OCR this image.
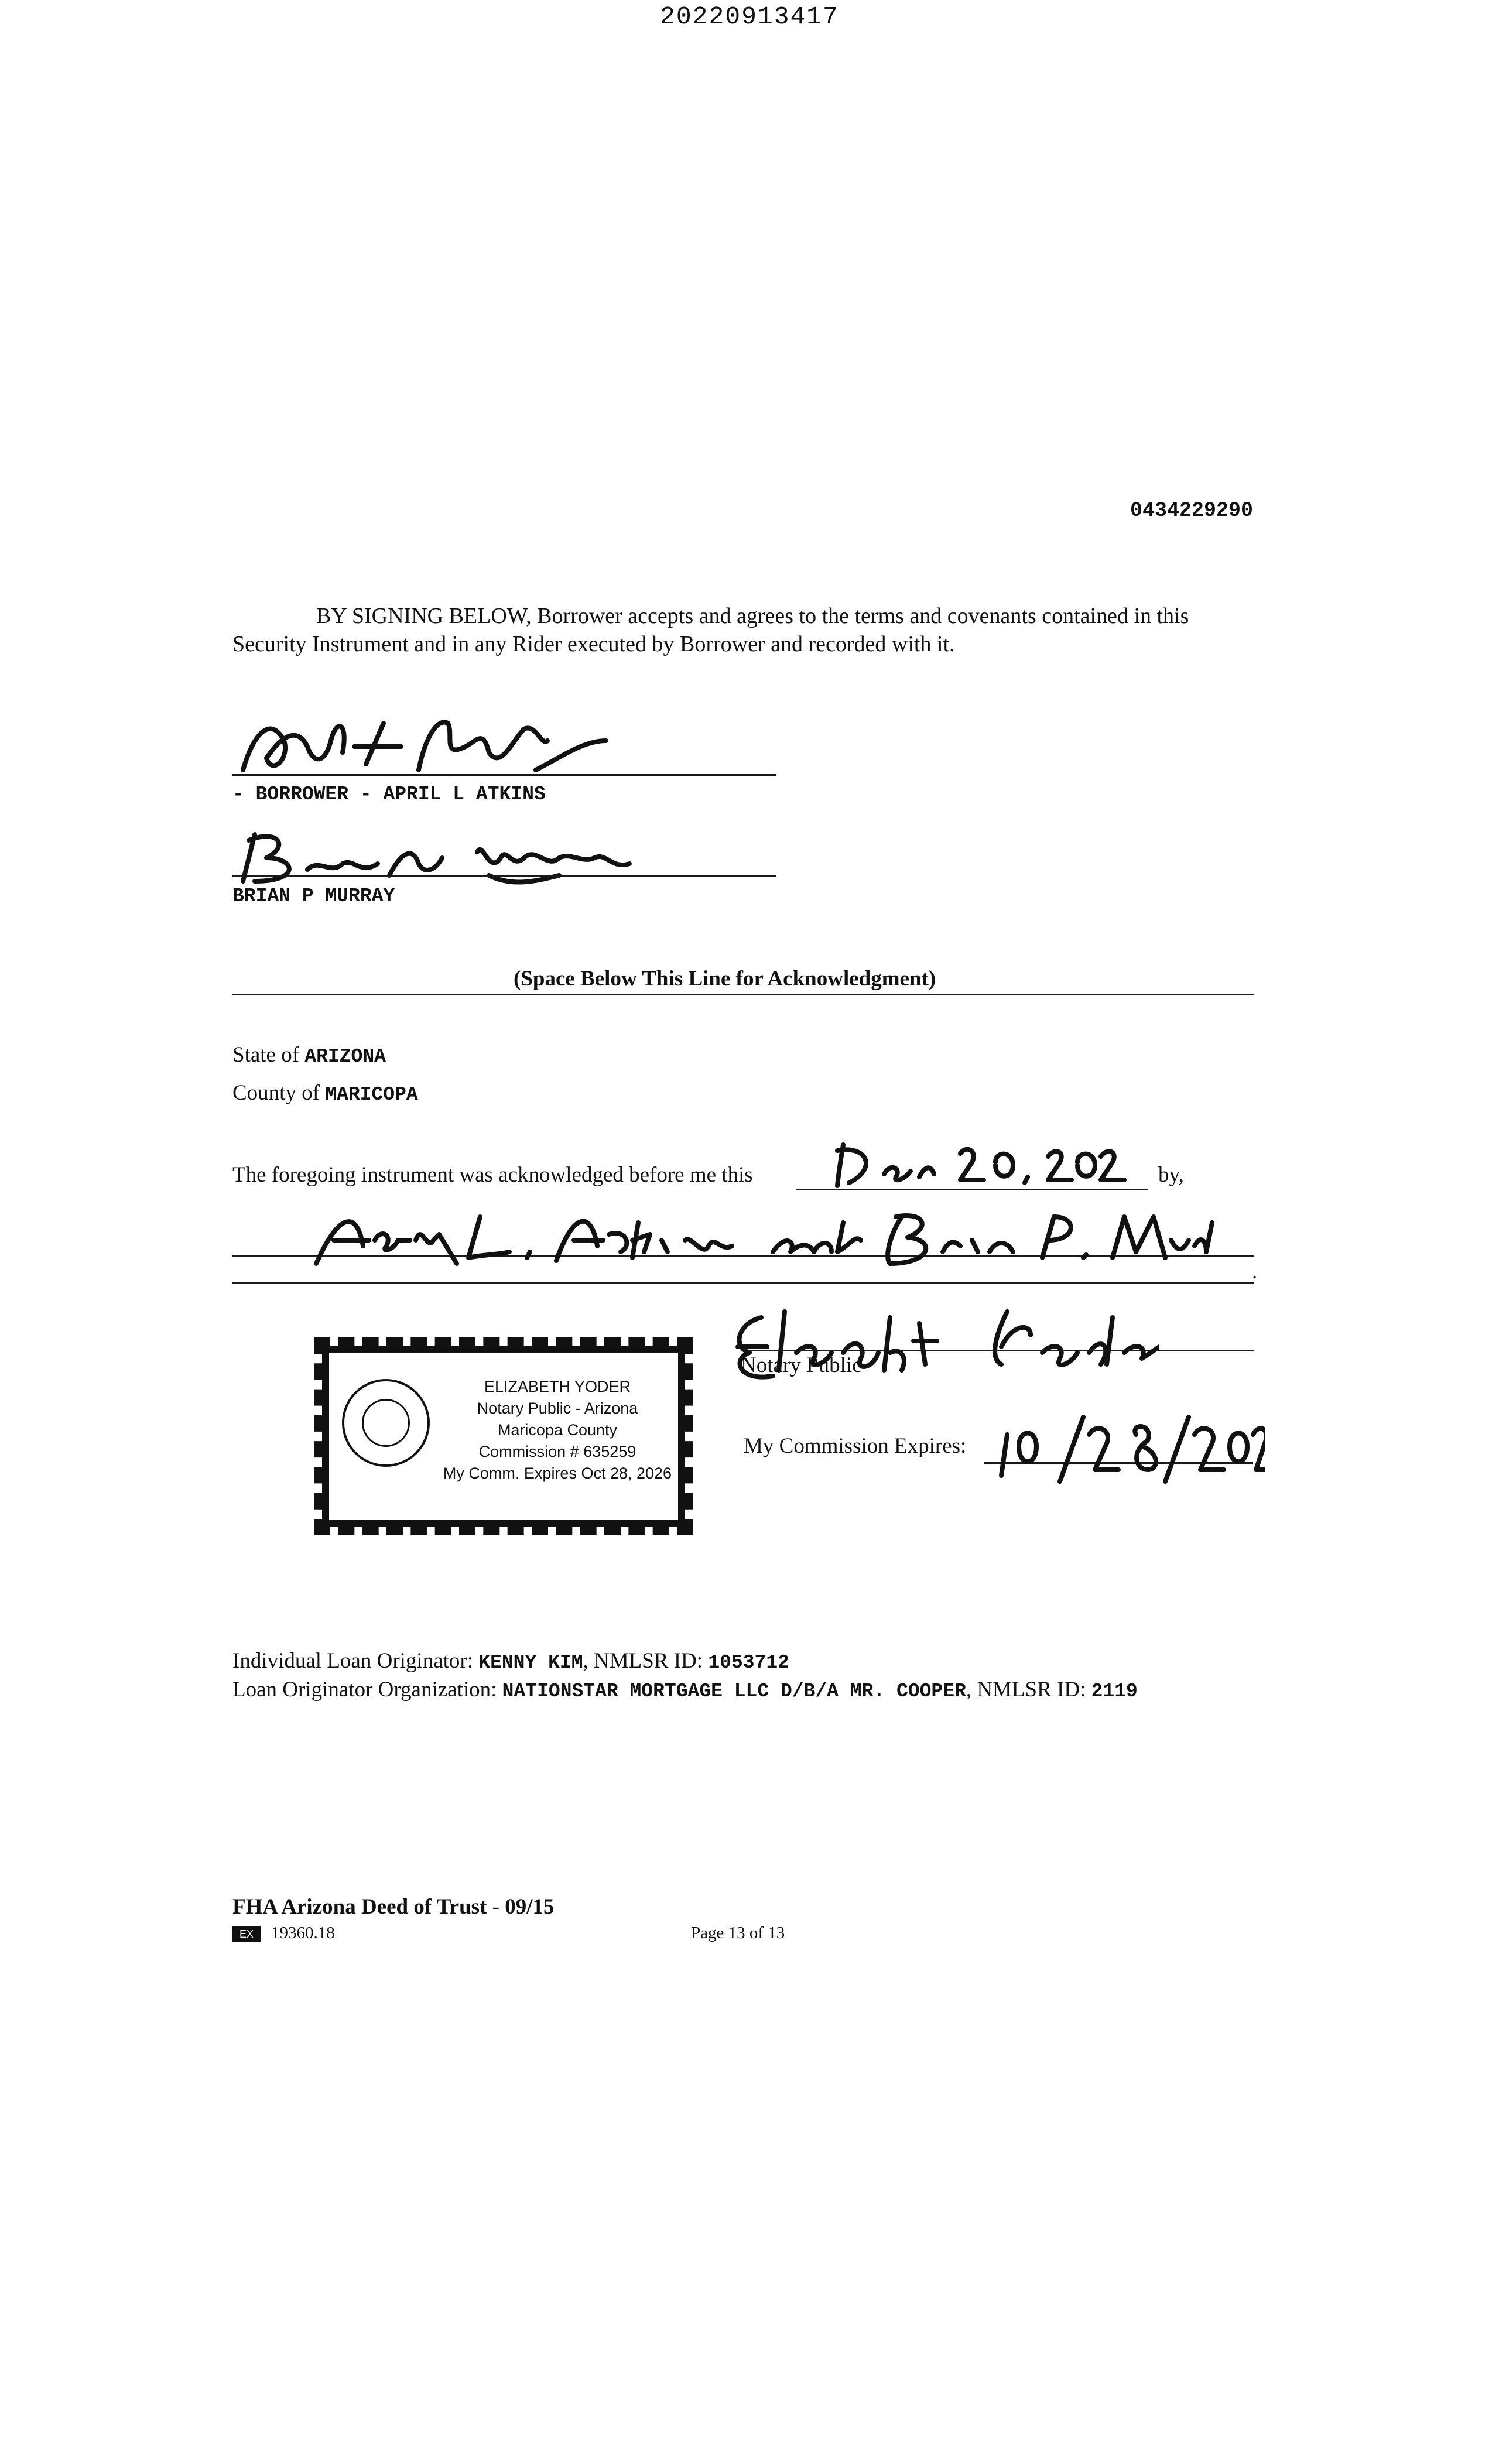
20220913417
0434229290
BY SIGNING BELOW, Borrower accepts and agrees to the terms and covenants contained in this Security Instrument and in any Rider executed by Borrower and recorded with it.
- BORROWER - APRIL L ATKINS
BRIAN P MURRAY
(Space Below This Line for Acknowledgment)
State of ARIZONA
County of MARICOPA
The foregoing instrument was acknowledged before me this	by,
.
Notary Public
My Commission Expires:
ELIZABETH YODER
Notary Public - Arizona
Maricopa County
Commission # 635259
My Comm. Expires Oct 28, 2026
Individual Loan Originator: KENNY KIM, NMLSR ID: 1053712
Loan Originator Organization: NATIONSTAR MORTGAGE LLC D/B/A MR. COOPER, NMLSR ID: 2119
FHA Arizona Deed of Trust - 09/15
EX 19360.18	Page 13 of 13
